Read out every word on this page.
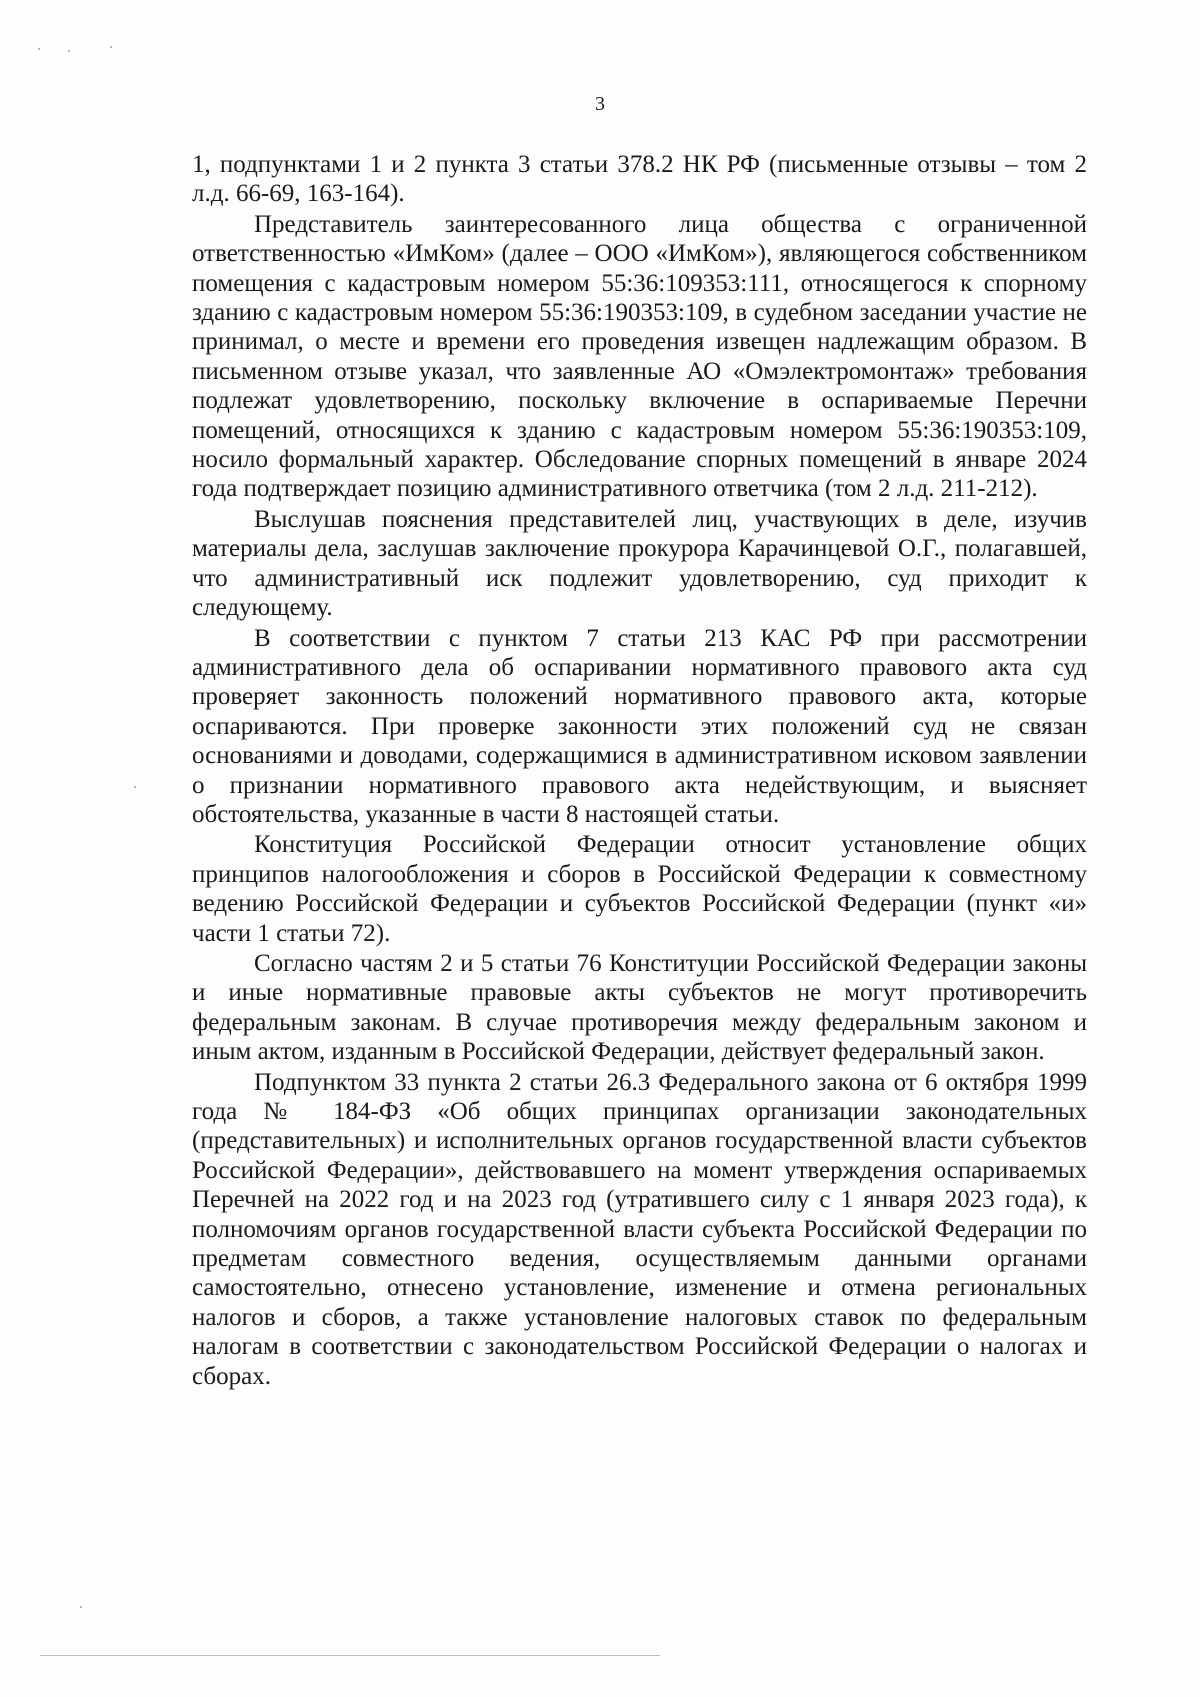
3

1, подпунктами 1 и 2 пункта 3 статьи 378.2 НК РФ (письменные отзывы – том 2 л.д. 66-69, 163-164).

Представитель заинтересованного лица общества с ограниченной ответственностью «ИмКом» (далее – ООО «ИмКом»), являющегося собственником помещения с кадастровым номером 55:36:109353:111, относящегося к спорному зданию с кадастровым номером 55:36:190353:109, в судебном заседании участие не принимал, о месте и времени его проведения извещен надлежащим образом. В письменном отзыве указал, что заявленные АО «Омэлектромонтаж» требования подлежат удовлетворению, поскольку включение в оспариваемые Перечни помещений, относящихся к зданию с кадастровым номером 55:36:190353:109, носило формальный характер. Обследование спорных помещений в январе 2024 года подтверждает позицию административного ответчика (том 2 л.д. 211-212).

Выслушав пояснения представителей лиц, участвующих в деле, изучив материалы дела, заслушав заключение прокурора Карачинцевой О.Г., полагавшей, что административный иск подлежит удовлетворению, суд приходит к следующему.

В соответствии с пунктом 7 статьи 213 КАС РФ при рассмотрении административного дела об оспаривании нормативного правового акта суд проверяет законность положений нормативного правового акта, которые оспариваются. При проверке законности этих положений суд не связан основаниями и доводами, содержащимися в административном исковом заявлении о признании нормативного правового акта недействующим, и выясняет обстоятельства, указанные в части 8 настоящей статьи.

Конституция Российской Федерации относит установление общих принципов налогообложения и сборов в Российской Федерации к совместному ведению Российской Федерации и субъектов Российской Федерации (пункт «и» части 1 статьи 72).

Согласно частям 2 и 5 статьи 76 Конституции Российской Федерации законы и иные нормативные правовые акты субъектов не могут противоречить федеральным законам. В случае противоречия между федеральным законом и иным актом, изданным в Российской Федерации, действует федеральный закон.

Подпунктом 33 пункта 2 статьи 26.3 Федерального закона от 6 октября 1999 года № 184-ФЗ «Об общих принципах организации законодательных (представительных) и исполнительных органов государственной власти субъектов Российской Федерации», действовавшего на момент утверждения оспариваемых Перечней на 2022 год и на 2023 год (утратившего силу с 1 января 2023 года), к полномочиям органов государственной власти субъекта Российской Федерации по предметам совместного ведения, осуществляемым данными органами самостоятельно, отнесено установление, изменение и отмена региональных налогов и сборов, а также установление налоговых ставок по федеральным налогам в соответствии с законодательством Российской Федерации о налогах и сборах.
